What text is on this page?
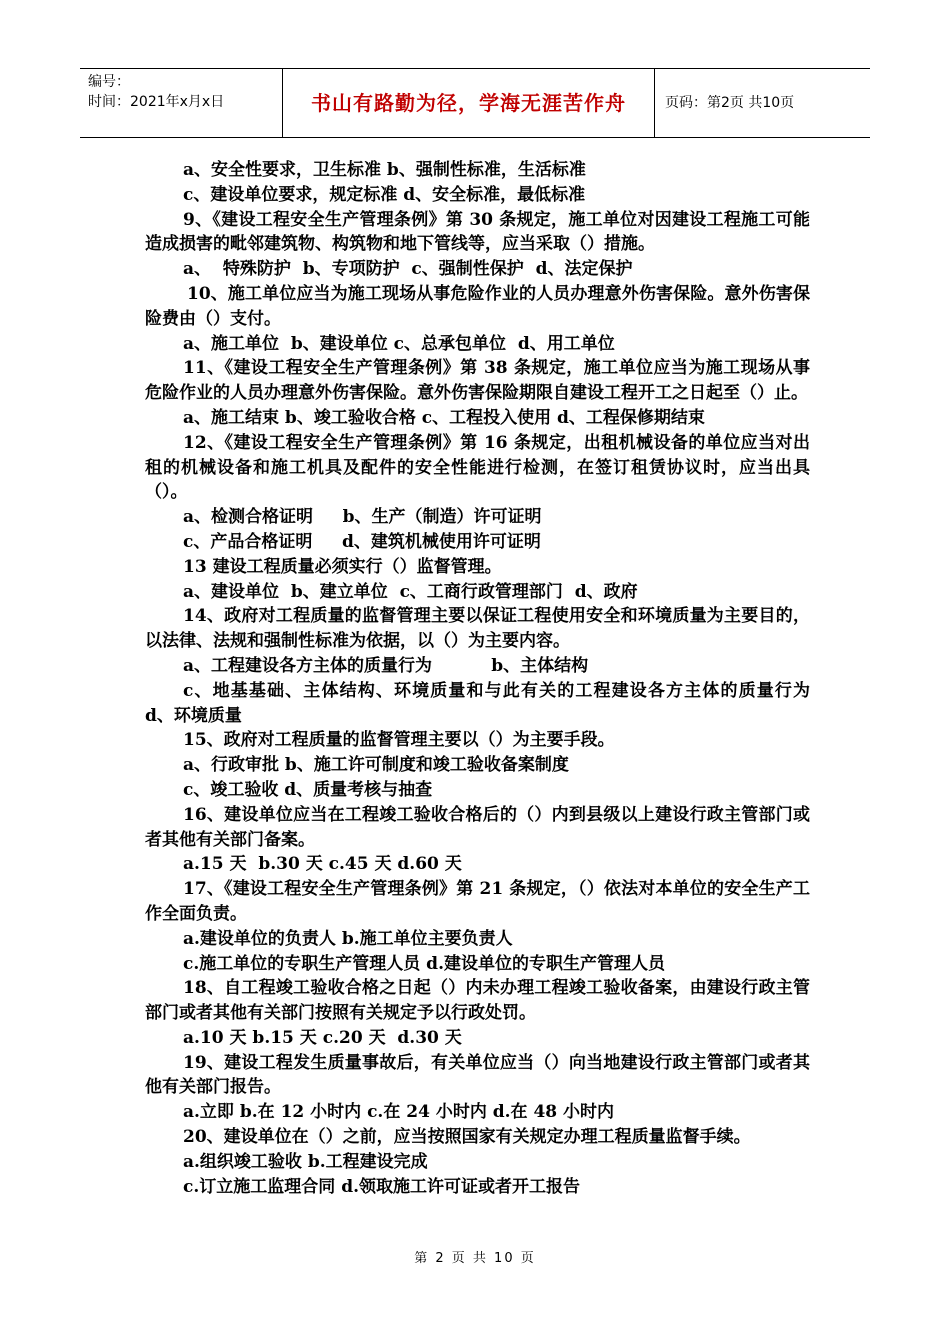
编号：
时间：2021年x月x日	书山有路勤为径，学海无涯苦作舟	页码：第2页 共10页

a、安全性要求，卫生标准 b、强制性标准，生活标准

c、建设单位要求，规定标准 d、安全标准，最低标准

9、《建设工程安全生产管理条例》第 30 条规定，施工单位对因建设工程施工可能造成损害的毗邻建筑物、构筑物和地下管线等，应当采取（）措施。

a、  特殊防护  b、专项防护  c、强制性保护  d、法定保护

10、施工单位应当为施工现场从事危险作业的人员办理意外伤害保险。意外伤害保险费由（）支付。

a、施工单位  b、建设单位 c、总承包单位  d、用工单位

11、《建设工程安全生产管理条例》第 38 条规定，施工单位应当为施工现场从事危险作业的人员办理意外伤害保险。意外伤害保险期限自建设工程开工之日起至（）止。

a、施工结束 b、竣工验收合格 c、工程投入使用 d、工程保修期结束

12、《建设工程安全生产管理条例》第 16 条规定，出租机械设备的单位应当对出租的机械设备和施工机具及配件的安全性能进行检测，在签订租赁协议时，应当出具（）。

a、检测合格证明     b、生产（制造）许可证明

c、产品合格证明     d、建筑机械使用许可证明

13 建设工程质量必须实行（）监督管理。

a、建设单位  b、建立单位  c、工商行政管理部门  d、政府

14、政府对工程质量的监督管理主要以保证工程使用安全和环境质量为主要目的，以法律、法规和强制性标准为依据，以（）为主要内容。

a、工程建设各方主体的质量行为          b、主体结构

c、地基基础、主体结构、环境质量和与此有关的工程建设各方主体的质量行为          d、环境质量

15、政府对工程质量的监督管理主要以（）为主要手段。

a、行政审批 b、施工许可制度和竣工验收备案制度

c、竣工验收 d、质量考核与抽查

16、建设单位应当在工程竣工验收合格后的（）内到县级以上建设行政主管部门或者其他有关部门备案。

a.15 天  b.30 天 c.45 天 d.60 天

17、《建设工程安全生产管理条例》第 21 条规定，（）依法对本单位的安全生产工作全面负责。

a.建设单位的负责人 b.施工单位主要负责人

c.施工单位的专职生产管理人员 d.建设单位的专职生产管理人员

18、自工程竣工验收合格之日起（）内未办理工程竣工验收备案，由建设行政主管部门或者其他有关部门按照有关规定予以行政处罚。

a.10 天 b.15 天 c.20 天  d.30 天

19、建设工程发生质量事故后，有关单位应当（）向当地建设行政主管部门或者其他有关部门报告。

a.立即 b.在 12 小时内 c.在 24 小时内 d.在 48 小时内

20、建设单位在（）之前，应当按照国家有关规定办理工程质量监督手续。

a.组织竣工验收 b.工程建设完成

c.订立施工监理合同 d.领取施工许可证或者开工报告

第 2 页 共 10 页
